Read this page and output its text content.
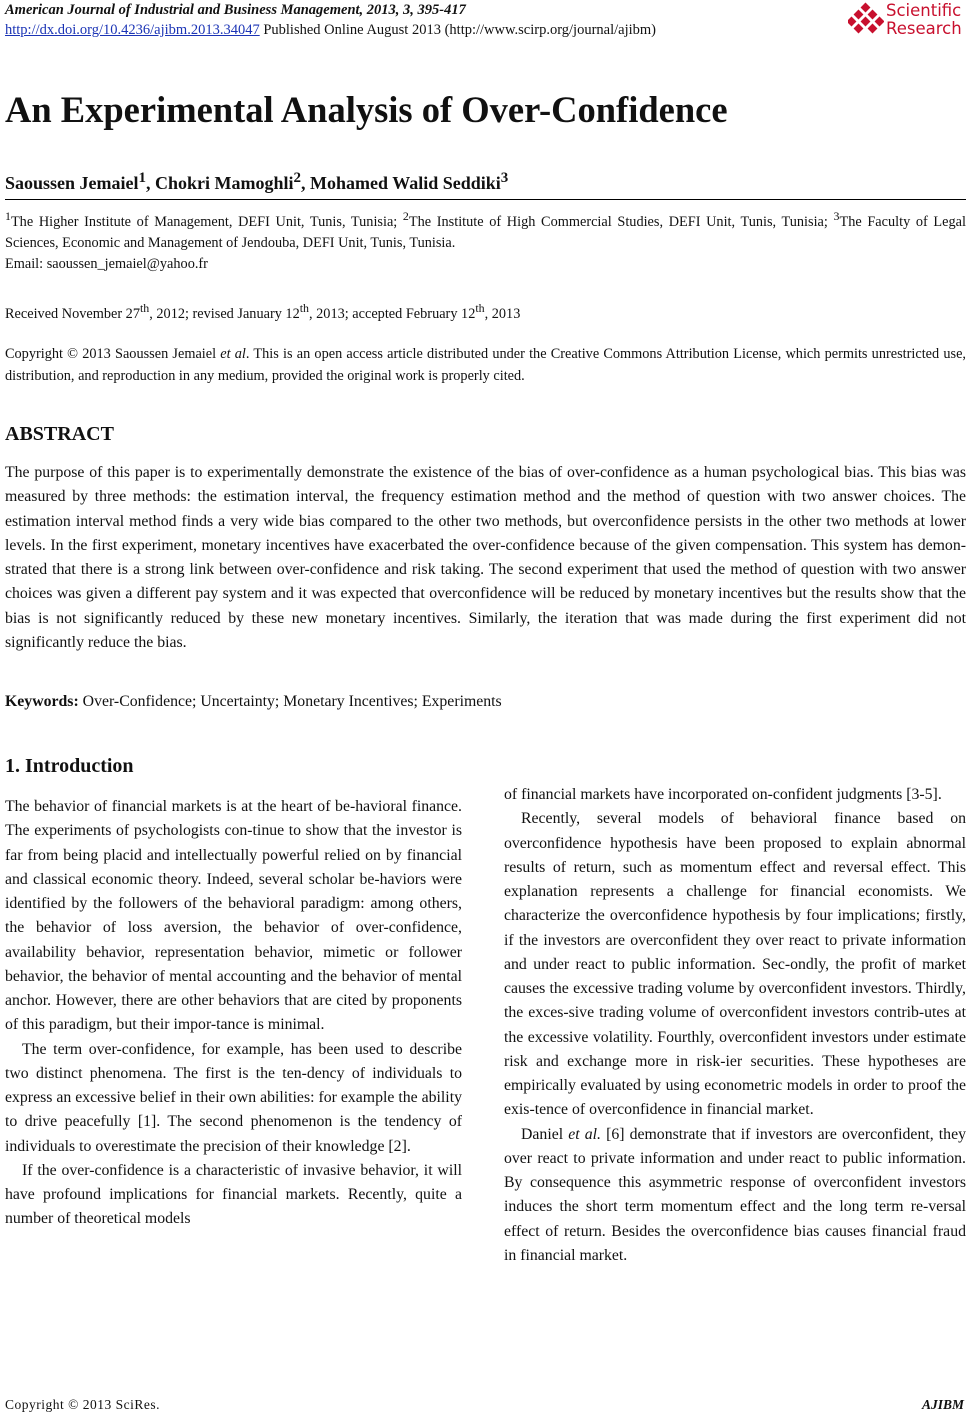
American Journal of Industrial and Business Management, 2013, 3, 395-417
http://dx.doi.org/10.4236/ajibm.2013.34047 Published Online August 2013 (http://www.scirp.org/journal/ajibm)
Scientific
Research
An Experimental Analysis of Over-Confidence
Saoussen Jemaiel$^1$, Chokri Mamoghli$^2$, Mohamed Walid Seddiki$^3$
$^1$The Higher Institute of Management, DEFI Unit, Tunis, Tunisia; $^2$The Institute of High Commercial Studies, DEFI Unit, Tunis, Tunisia; $^3$The Faculty of Legal Sciences, Economic and Management of Jendouba, DEFI Unit, Tunis, Tunisia.
Email: saoussen_jemaiel@yahoo.fr
Received November 27th, 2012; revised January 12th, 2013; accepted February 12th, 2013
Copyright © 2013 Saoussen Jemaiel et al. This is an open access article distributed under the Creative Commons Attribution License, which permits unrestricted use, distribution, and reproduction in any medium, provided the original work is properly cited.
ABSTRACT
The purpose of this paper is to experimentally demonstrate the existence of the bias of over-confidence as a human psychological bias. This bias was measured by three methods: the estimation interval, the frequency estimation method and the method of question with two answer choices. The estimation interval method finds a very wide bias compared to the other two methods, but overconfidence persists in the other two methods at lower levels. In the first experiment, monetary incentives have exacerbated the over-confidence because of the given compensation. This system has demon-strated that there is a strong link between over-confidence and risk taking. The second experiment that used the method of question with two answer choices was given a different pay system and it was expected that overconfidence will be reduced by monetary incentives but the results show that the bias is not significantly reduced by these new monetary incentives. Similarly, the iteration that was made during the first experiment did not significantly reduce the bias.
Keywords: Over-Confidence; Uncertainty; Monetary Incentives; Experiments
1. Introduction

The behavior of financial markets is at the heart of be-havioral finance. The experiments of psychologists con-tinue to show that the investor is far from being placid and intellectually powerful relied on by financial and classical economic theory. Indeed, several scholar be-haviors were identified by the followers of the behavioral paradigm: among others, the behavior of loss aversion, the behavior of over-confidence, availability behavior, representation behavior, mimetic or follower behavior, the behavior of mental accounting and the behavior of mental anchor. However, there are other behaviors that are cited by proponents of this paradigm, but their impor-tance is minimal.

The term over-confidence, for example, has been used to describe two distinct phenomena. The first is the ten-dency of individuals to express an excessive belief in their own abilities: for example the ability to drive peacefully [1]. The second phenomenon is the tendency of individuals to overestimate the precision of their knowledge [2].

If the over-confidence is a characteristic of invasive behavior, it will have profound implications for financial markets. Recently, quite a number of theoretical models

of financial markets have incorporated on-confident judgments [3-5].

Recently, several models of behavioral finance based on overconfidence hypothesis have been proposed to explain abnormal results of return, such as momentum effect and reversal effect. This explanation represents a challenge for financial economists. We characterize the overconfidence hypothesis by four implications; firstly, if the investors are overconfident they over react to private information and under react to public information. Sec-ondly, the profit of market causes the excessive trading volume by overconfident investors. Thirdly, the exces-sive trading volume of overconfident investors contrib-utes at the excessive volatility. Fourthly, overconfident investors under estimate risk and exchange more in risk-ier securities. These hypotheses are empirically evaluated by using econometric models in order to proof the exis-tence of overconfidence in financial market.

Daniel et al. [6] demonstrate that if investors are overconfident, they over react to private information and under react to public information. By consequence this asymmetric response of overconfident investors induces the short term momentum effect and the long term re-versal effect of return. Besides the overconfidence bias causes financial fraud in financial market.

Copyright © 2013 SciRes.	AJIBM
